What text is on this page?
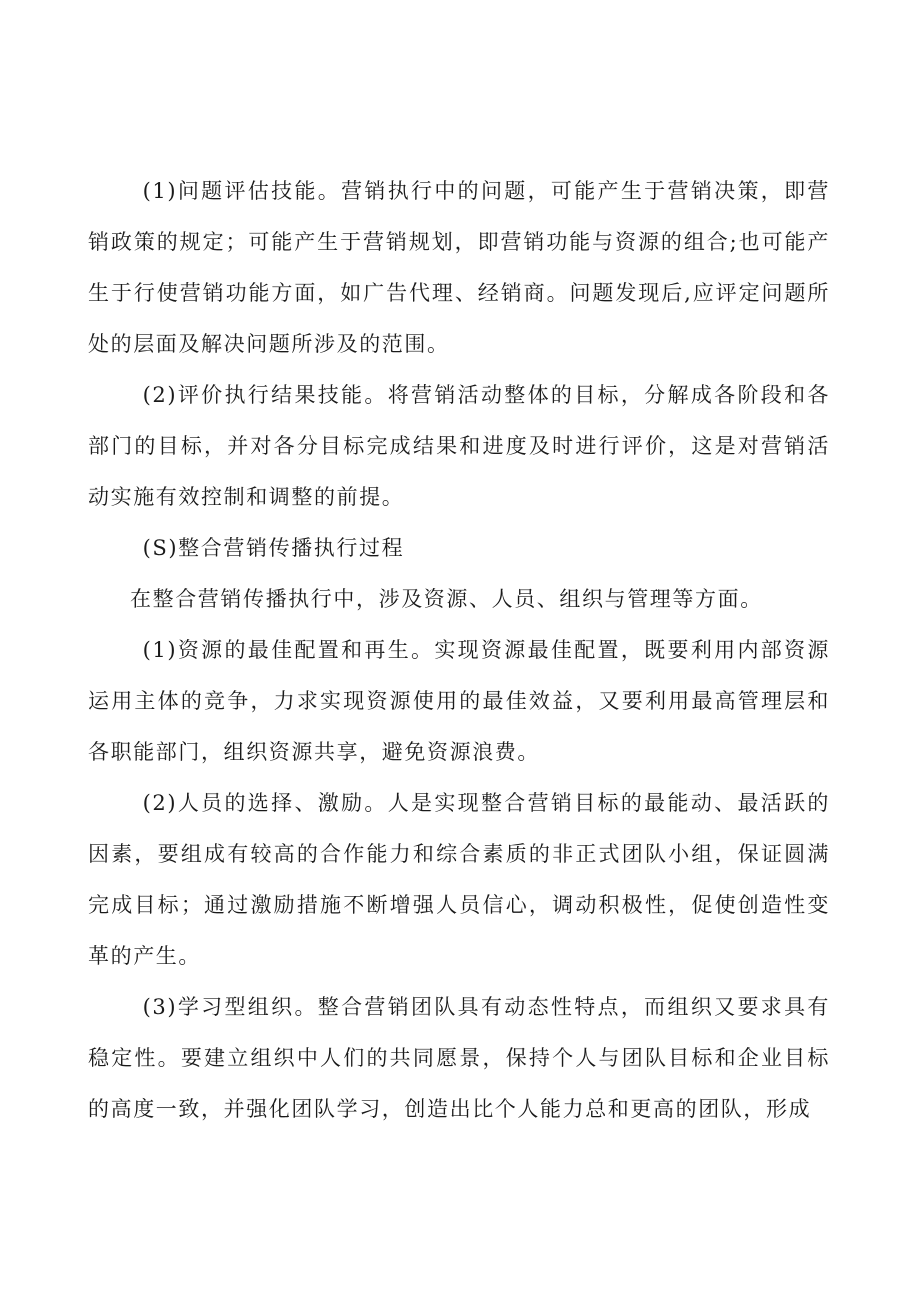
(1)问题评估技能。营销执行中的问题，可能产生于营销决策，即营销政策的规定；可能产生于营销规划，即营销功能与资源的组合;也可能产生于行使营销功能方面，如广告代理、经销商。问题发现后,应评定问题所处的层面及解决问题所涉及的范围。

(2)评价执行结果技能。将营销活动整体的目标，分解成各阶段和各部门的目标，并对各分目标完成结果和进度及时进行评价，这是对营销活动实施有效控制和调整的前提。

(S)整合营销传播执行过程

在整合营销传播执行中，涉及资源、人员、组织与管理等方面。

(1)资源的最佳配置和再生。实现资源最佳配置，既要利用内部资源运用主体的竞争，力求实现资源使用的最佳效益，又要利用最高管理层和各职能部门，组织资源共享，避免资源浪费。

(2)人员的选择、激励。人是实现整合营销目标的最能动、最活跃的因素，要组成有较高的合作能力和综合素质的非正式团队小组，保证圆满完成目标；通过激励措施不断增强人员信心，调动积极性，促使创造性变革的产生。

(3)学习型组织。整合营销团队具有动态性特点，而组织又要求具有稳定性。要建立组织中人们的共同愿景，保持个人与团队目标和企业目标的高度一致，并强化团队学习，创造出比个人能力总和更高的团队，形成
